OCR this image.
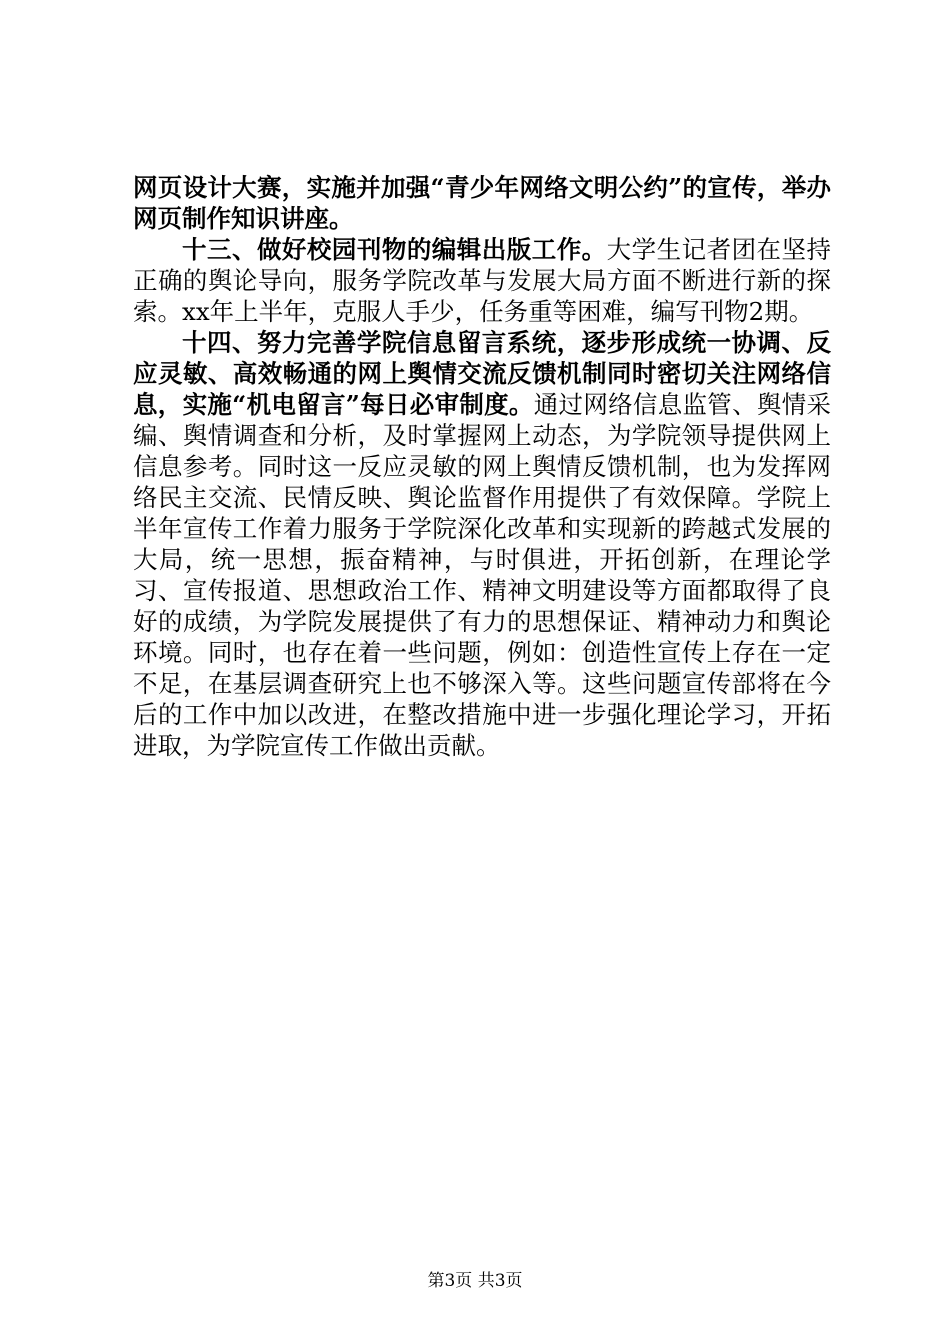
网页设计大赛，实施并加强“青少年网络文明公约”的宣传，举办网页制作知识讲座。

十三、做好校园刊物的编辑出版工作。大学生记者团在坚持正确的舆论导向，服务学院改革与发展大局方面不断进行新的探索。xx年上半年，克服人手少，任务重等困难，编写刊物2期。

十四、努力完善学院信息留言系统，逐步形成统一协调、反应灵敏、高效畅通的网上舆情交流反馈机制同时密切关注网络信息，实施“机电留言”每日必审制度。通过网络信息监管、舆情采编、舆情调查和分析，及时掌握网上动态，为学院领导提供网上信息参考。同时这一反应灵敏的网上舆情反馈机制，也为发挥网络民主交流、民情反映、舆论监督作用提供了有效保障。学院上半年宣传工作着力服务于学院深化改革和实现新的跨越式发展的大局，统一思想，振奋精神，与时俱进，开拓创新，在理论学习、宣传报道、思想政治工作、精神文明建设等方面都取得了良好的成绩，为学院发展提供了有力的思想保证、精神动力和舆论环境。同时，也存在着一些问题，例如：创造性宣传上存在一定不足，在基层调查研究上也不够深入等。这些问题宣传部将在今后的工作中加以改进，在整改措施中进一步强化理论学习，开拓进取，为学院宣传工作做出贡献。

第3页 共3页
